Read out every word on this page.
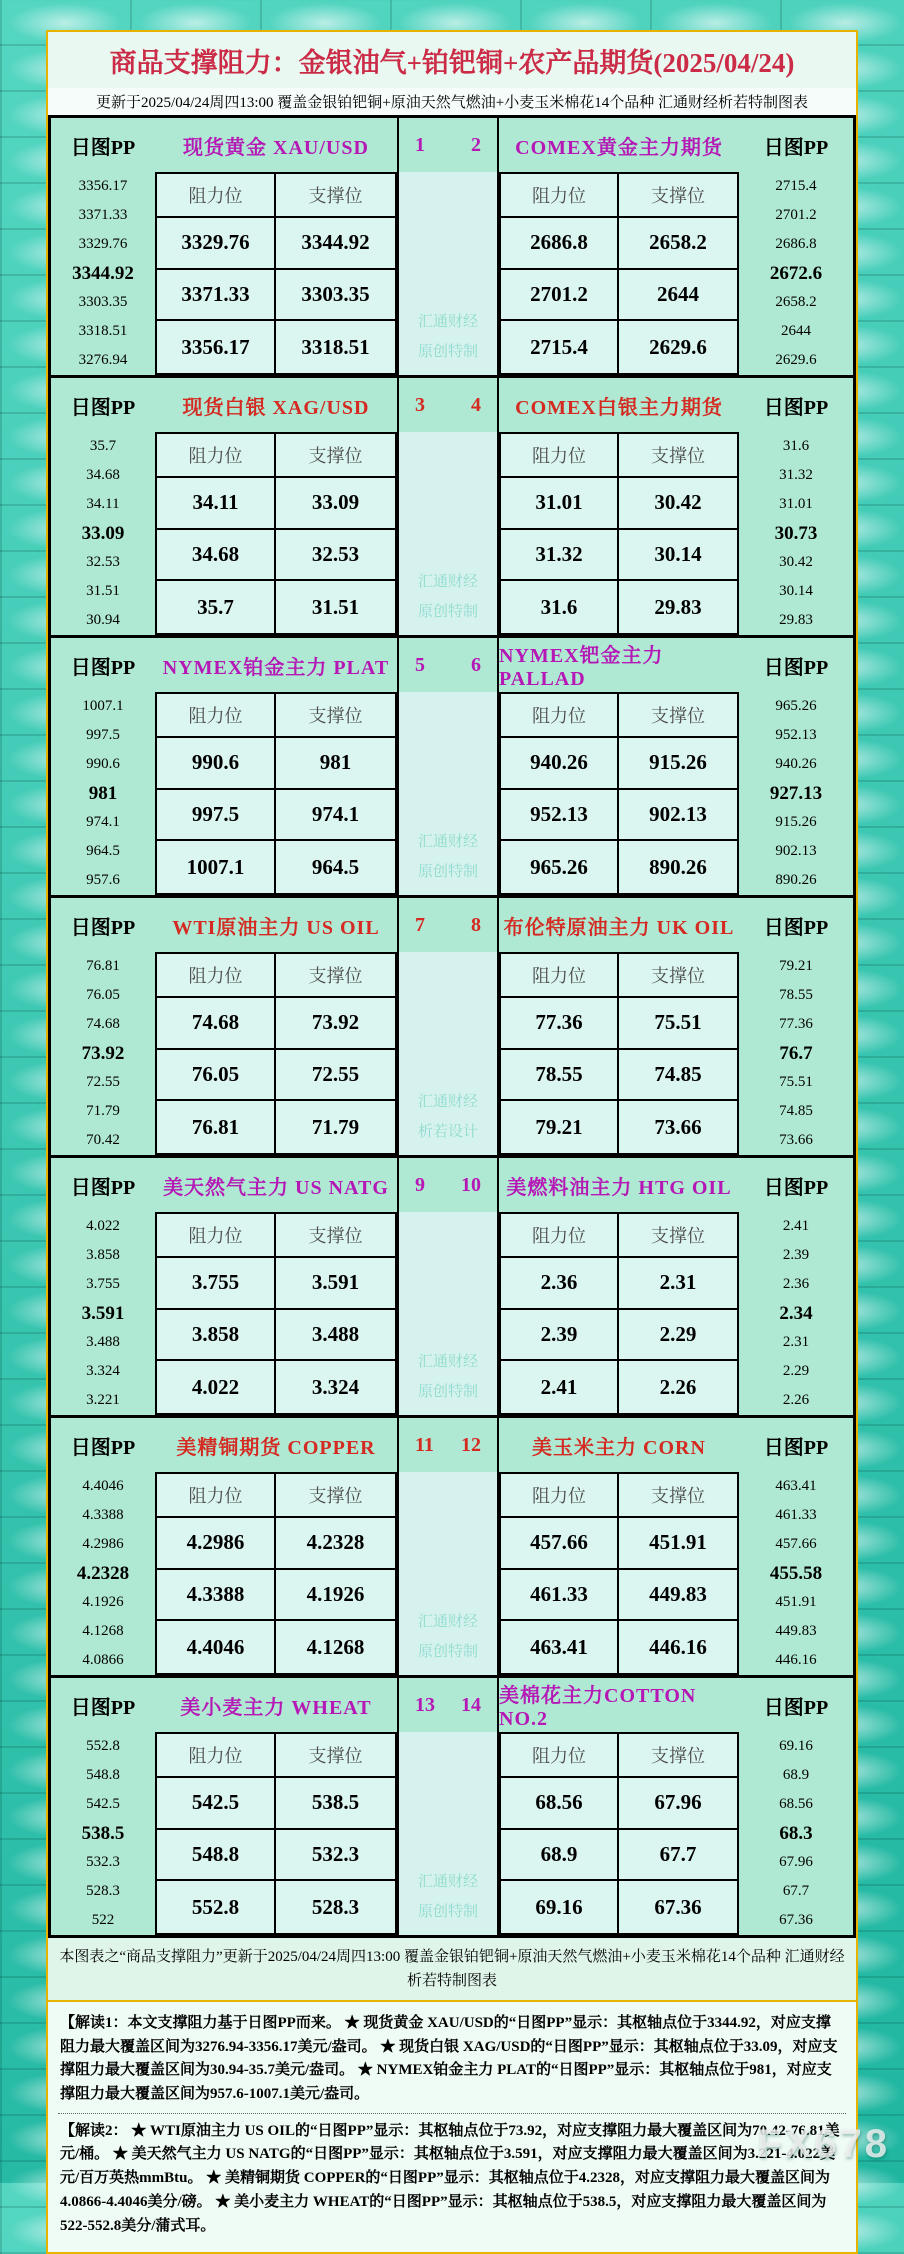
商品支撑阻力：金银油气+铂钯铜+农产品期货(2025/04/24)
更新于2025/04/24周四13:00 覆盖金银铂钯铜+原油天然气燃油+小麦玉米棉花14个品种 汇通财经析若特制图表
日图PP
3356.17
3371.33
3329.76
3344.92
3303.35
3318.51
3276.94
现货黄金 XAU/USD
阻力位	支撑位
3329.76	3344.92
3371.33	3303.35
3356.17	3318.51
1 2
汇通财经
原创特制
COMEX黄金主力期货
阻力位	支撑位
2686.8	2658.2
2701.2	2644
2715.4	2629.6
日图PP
2715.4
2701.2
2686.8
2672.6
2658.2
2644
2629.6
日图PP
35.7
34.68
34.11
33.09
32.53
31.51
30.94
现货白银 XAG/USD
阻力位	支撑位
34.11	33.09
34.68	32.53
35.7	31.51
3 4
汇通财经
原创特制
COMEX白银主力期货
阻力位	支撑位
31.01	30.42
31.32	30.14
31.6	29.83
日图PP
31.6
31.32
31.01
30.73
30.42
30.14
29.83
日图PP
1007.1
997.5
990.6
981
974.1
964.5
957.6
NYMEX铂金主力 PLAT
阻力位	支撑位
990.6	981
997.5	974.1
1007.1	964.5
5 6
汇通财经
原创特制
NYMEX钯金主力 PALLAD
阻力位	支撑位
940.26	915.26
952.13	902.13
965.26	890.26
日图PP
965.26
952.13
940.26
927.13
915.26
902.13
890.26
日图PP
76.81
76.05
74.68
73.92
72.55
71.79
70.42
WTI原油主力 US OIL
阻力位	支撑位
74.68	73.92
76.05	72.55
76.81	71.79
7 8
汇通财经
析若设计
布伦特原油主力 UK OIL
阻力位	支撑位
77.36	75.51
78.55	74.85
79.21	73.66
日图PP
79.21
78.55
77.36
76.7
75.51
74.85
73.66
日图PP
4.022
3.858
3.755
3.591
3.488
3.324
3.221
美天然气主力 US NATG
阻力位	支撑位
3.755	3.591
3.858	3.488
4.022	3.324
9 10
汇通财经
原创特制
美燃料油主力 HTG OIL
阻力位	支撑位
2.36	2.31
2.39	2.29
2.41	2.26
日图PP
2.41
2.39
2.36
2.34
2.31
2.29
2.26
日图PP
4.4046
4.3388
4.2986
4.2328
4.1926
4.1268
4.0866
美精铜期货 COPPER
阻力位	支撑位
4.2986	4.2328
4.3388	4.1926
4.4046	4.1268
11 12
汇通财经
原创特制
美玉米主力 CORN
阻力位	支撑位
457.66	451.91
461.33	449.83
463.41	446.16
日图PP
463.41
461.33
457.66
455.58
451.91
449.83
446.16
日图PP
552.8
548.8
542.5
538.5
532.3
528.3
522
美小麦主力 WHEAT
阻力位	支撑位
542.5	538.5
548.8	532.3
552.8	528.3
13 14
汇通财经
原创特制
美棉花主力COTTON NO.2
阻力位	支撑位
68.56	67.96
68.9	67.7
69.16	67.36
日图PP
69.16
68.9
68.56
68.3
67.96
67.7
67.36
本图表之“商品支撑阻力”更新于2025/04/24周四13:00 覆盖金银铂钯铜+原油天然气燃油+小麦玉米棉花14个品种 汇通财经析若特制图表
【解读1：本文支撑阻力基于日图PP而来。 ★ 现货黄金 XAU/USD的“日图PP”显示：其枢轴点位于3344.92，对应支撑阻力最大覆盖区间为3276.94-3356.17美元/盎司。 ★ 现货白银 XAG/USD的“日图PP”显示：其枢轴点位于33.09，对应支撑阻力最大覆盖区间为30.94-35.7美元/盎司。 ★ NYMEX铂金主力 PLAT的“日图PP”显示：其枢轴点位于981，对应支撑阻力最大覆盖区间为957.6-1007.1美元/盎司。
【解读2： ★ WTI原油主力 US OIL的“日图PP”显示：其枢轴点位于73.92，对应支撑阻力最大覆盖区间为70.42-76.81美元/桶。 ★ 美天然气主力 US NATG的“日图PP”显示：其枢轴点位于3.591，对应支撑阻力最大覆盖区间为3.221-4.022美元/百万英热mmBtu。 ★ 美精铜期货 COPPER的“日图PP”显示：其枢轴点位于4.2328，对应支撑阻力最大覆盖区间为4.0866-4.4046美分/磅。 ★ 美小麦主力 WHEAT的“日图PP”显示：其枢轴点位于538.5，对应支撑阻力最大覆盖区间为522-552.8美分/蒲式耳。
FX678
